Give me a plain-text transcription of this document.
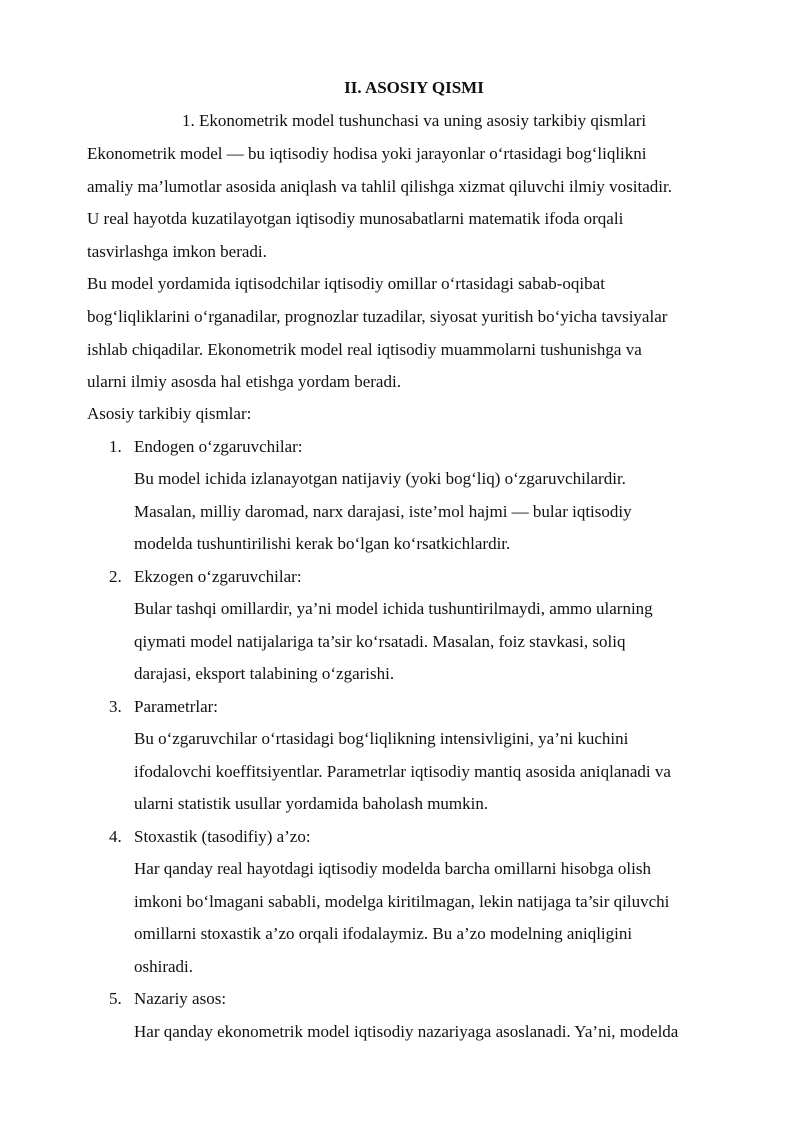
II. ASOSIY QISMI

1. Ekonometrik model tushunchasi va uning asosiy tarkibiy qismlari

Ekonometrik model — bu iqtisodiy hodisa yoki jarayonlar o‘rtasidagi bog‘liqlikni

amaliy ma’lumotlar asosida aniqlash va tahlil qilishga xizmat qiluvchi ilmiy vositadir.

U real hayotda kuzatilayotgan iqtisodiy munosabatlarni matematik ifoda orqali

tasvirlashga imkon beradi.

Bu model yordamida iqtisodchilar iqtisodiy omillar o‘rtasidagi sabab-oqibat

bog‘liqliklarini o‘rganadilar, prognozlar tuzadilar, siyosat yuritish bo‘yicha tavsiyalar

ishlab chiqadilar. Ekonometrik model real iqtisodiy muammolarni tushunishga va

ularni ilmiy asosda hal etishga yordam beradi.

Asosiy tarkibiy qismlar:

1. Endogen o‘zgaruvchilar:

Bu model ichida izlanayotgan natijaviy (yoki bog‘liq) o‘zgaruvchilardir.

Masalan, milliy daromad, narx darajasi, iste’mol hajmi — bular iqtisodiy

modelda tushuntirilishi kerak bo‘lgan ko‘rsatkichlardir.

2. Ekzogen o‘zgaruvchilar:

Bular tashqi omillardir, ya’ni model ichida tushuntirilmaydi, ammo ularning

qiymati model natijalariga ta’sir ko‘rsatadi. Masalan, foiz stavkasi, soliq

darajasi, eksport talabining o‘zgarishi.

3. Parametrlar:

Bu o‘zgaruvchilar o‘rtasidagi bog‘liqlikning intensivligini, ya’ni kuchini

ifodalovchi koeffitsiyentlar. Parametrlar iqtisodiy mantiq asosida aniqlanadi va

ularni statistik usullar yordamida baholash mumkin.

4. Stoxastik (tasodifiy) a’zo:

Har qanday real hayotdagi iqtisodiy modelda barcha omillarni hisobga olish

imkoni bo‘lmagani sababli, modelga kiritilmagan, lekin natijaga ta’sir qiluvchi

omillarni stoxastik a’zo orqali ifodalaymiz. Bu a’zo modelning aniqligini

oshiradi.

5. Nazariy asos:

Har qanday ekonometrik model iqtisodiy nazariyaga asoslanadi. Ya’ni, modelda
